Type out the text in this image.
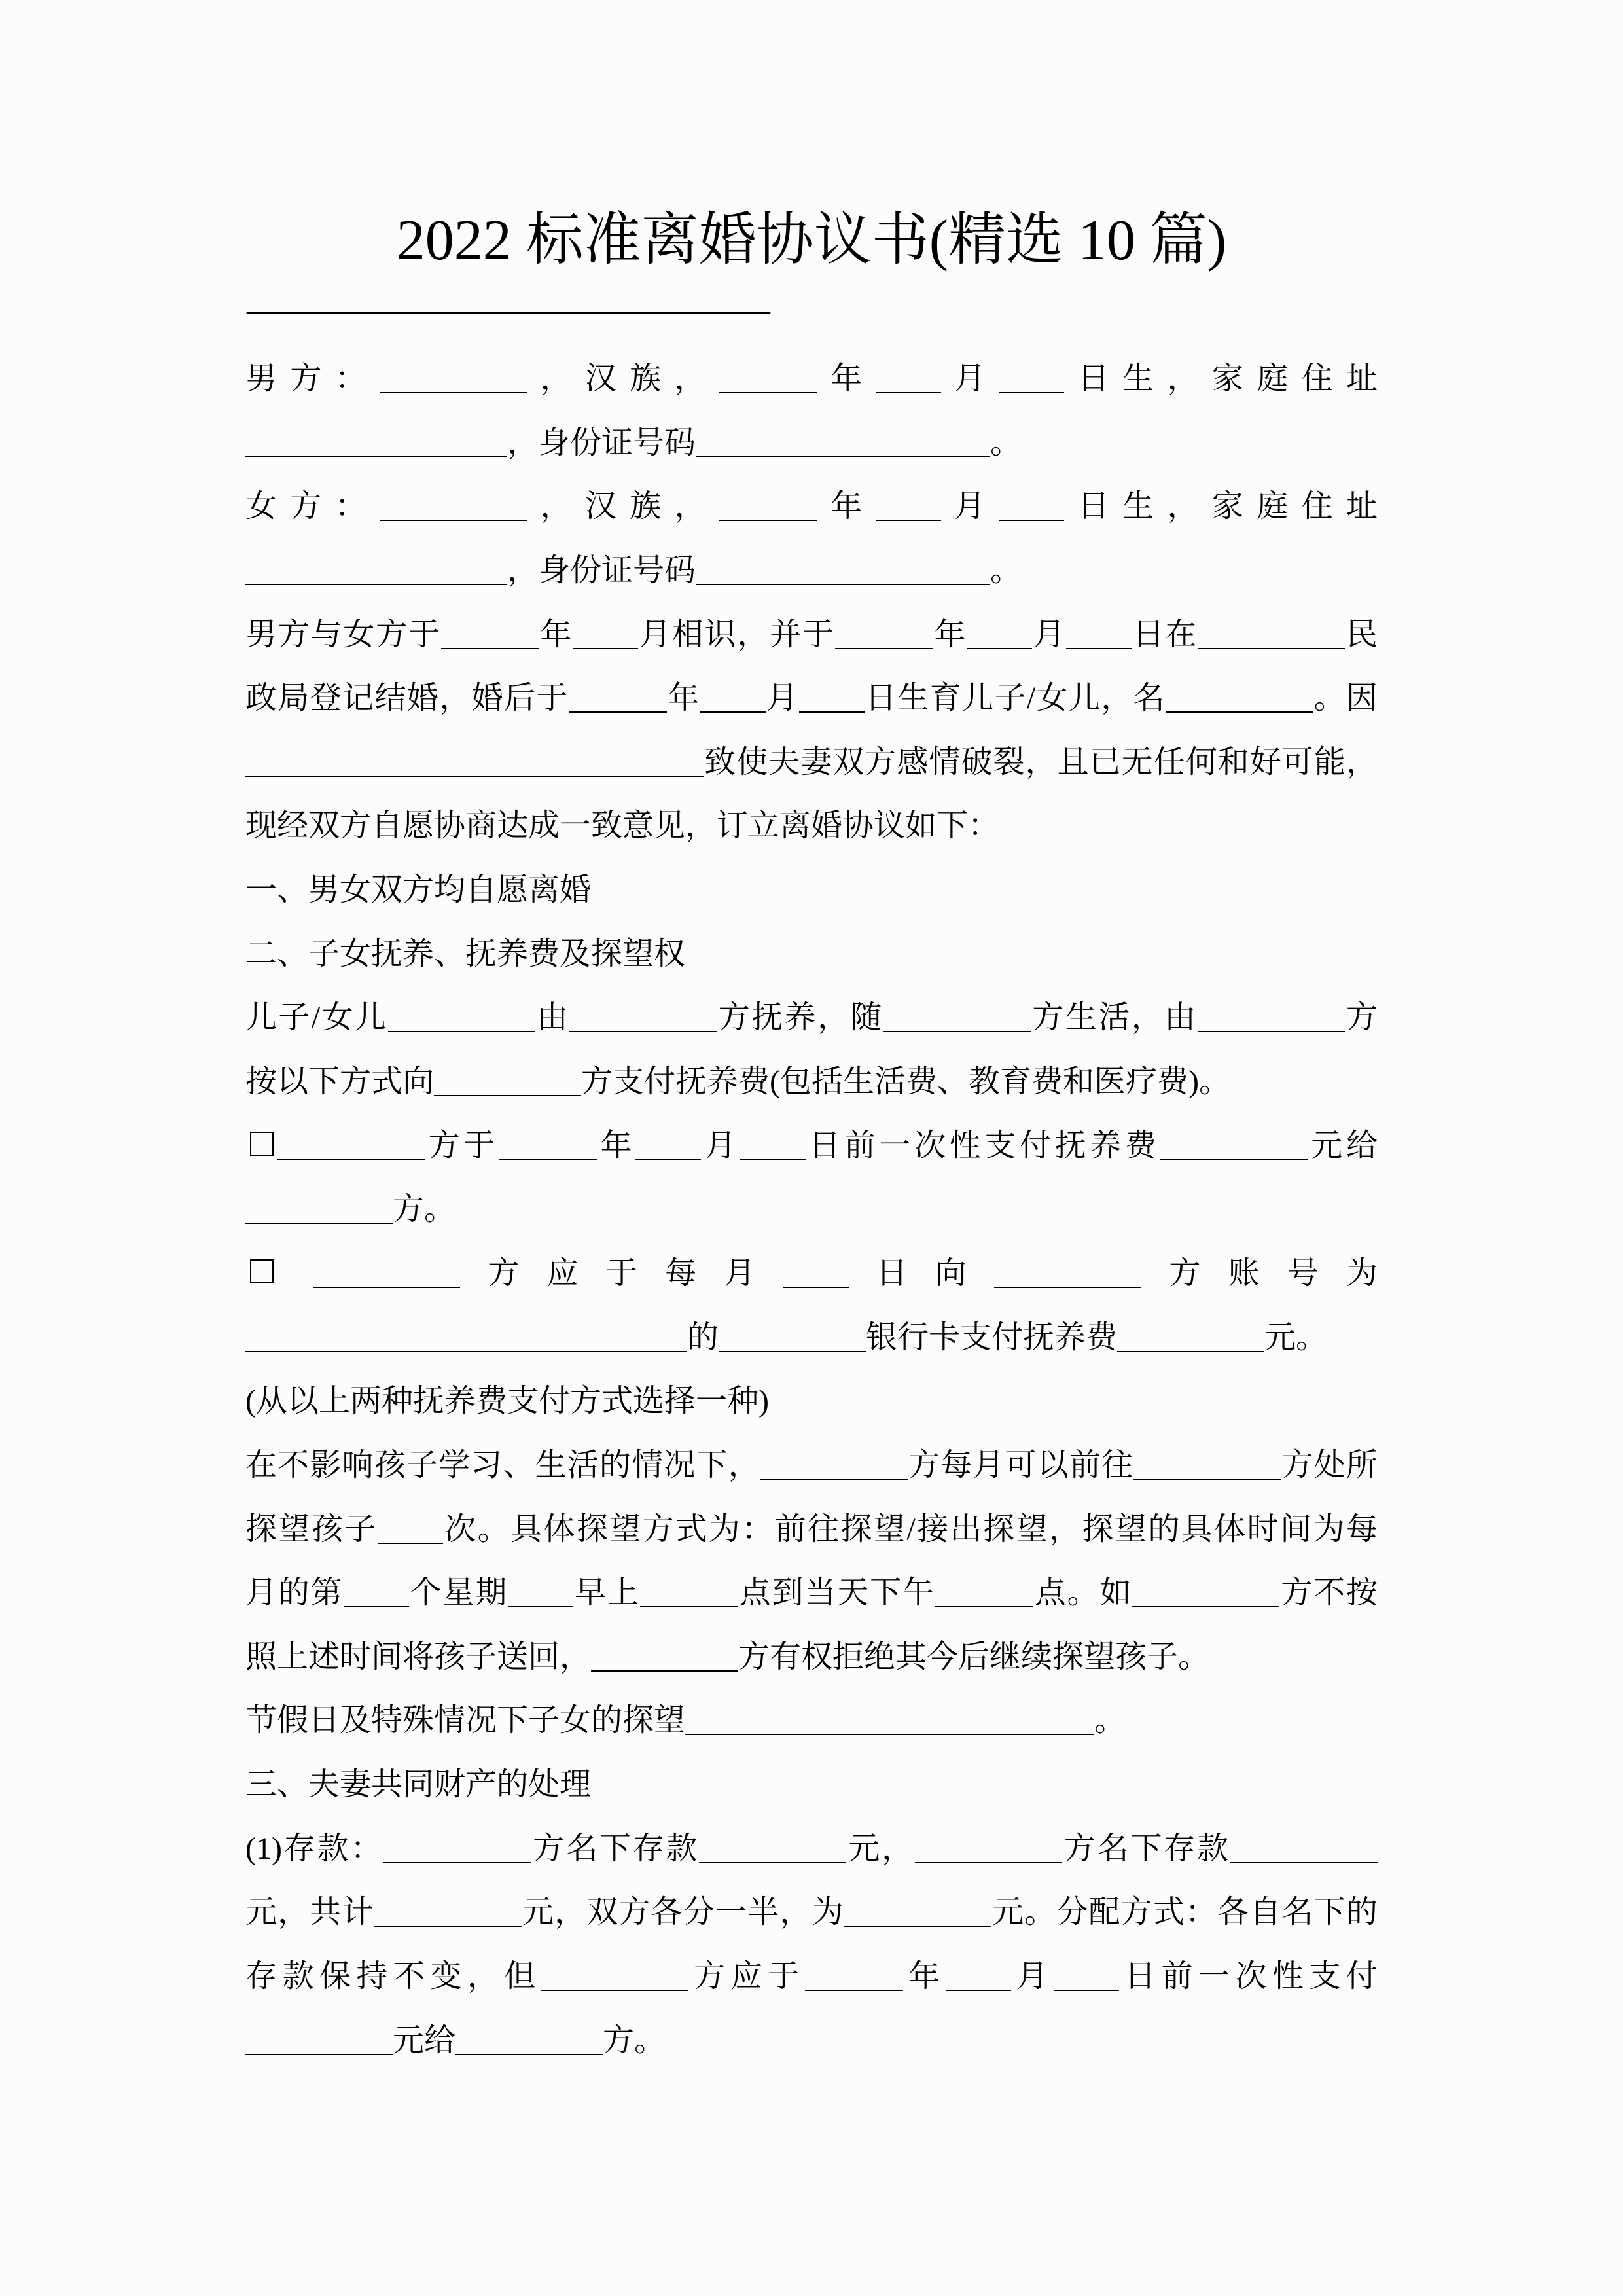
2022 标准离婚协议书(精选 10 篇)
————————————————
男方：	，汉族，	年 月 日生，家庭住址
，身份证号码	。
女方：	，汉族，	年 月 日生，家庭住址
，身份证号码	。
男方与女方于	年 月相识，并于	年 月 日在	民
政局登记结婚，婚后于	年 月 日生育儿子/女儿，名	。因
致使夫妻双方感情破裂，且已无任何和好可能，
现经双方自愿协商达成一致意见，订立离婚协议如下：
一、男女双方均自愿离婚
二、子女抚养、抚养费及探望权
儿子/女儿	由	方抚养，随	方生活，由	方
按以下方式向	方支付抚养费(包括生活费、教育费和医疗费)。
方于	年 月 日前一次性支付抚养费	元给
方。
方应于每月 日向	方账号为
的	银行卡支付抚养费	元。
(从以上两种抚养费支付方式选择一种)
在不影响孩子学习、生活的情况下，	方每月可以前往	方处所
探望孩子 次。具体探望方式为：前往探望/接出探望，探望的具体时间为每
月的第 个星期 早上	点到当天下午	点。如	方不按
照上述时间将孩子送回，	方有权拒绝其今后继续探望孩子。
节假日及特殊情况下子女的探望	。
三、夫妻共同财产的处理
(1)存款：	方名下存款	元，	方名下存款
元，共计	元，双方各分一半，为	元。分配方式：各自名下的
存款保持不变，但	方应于	年 月 日前一次性支付
元给	方。
